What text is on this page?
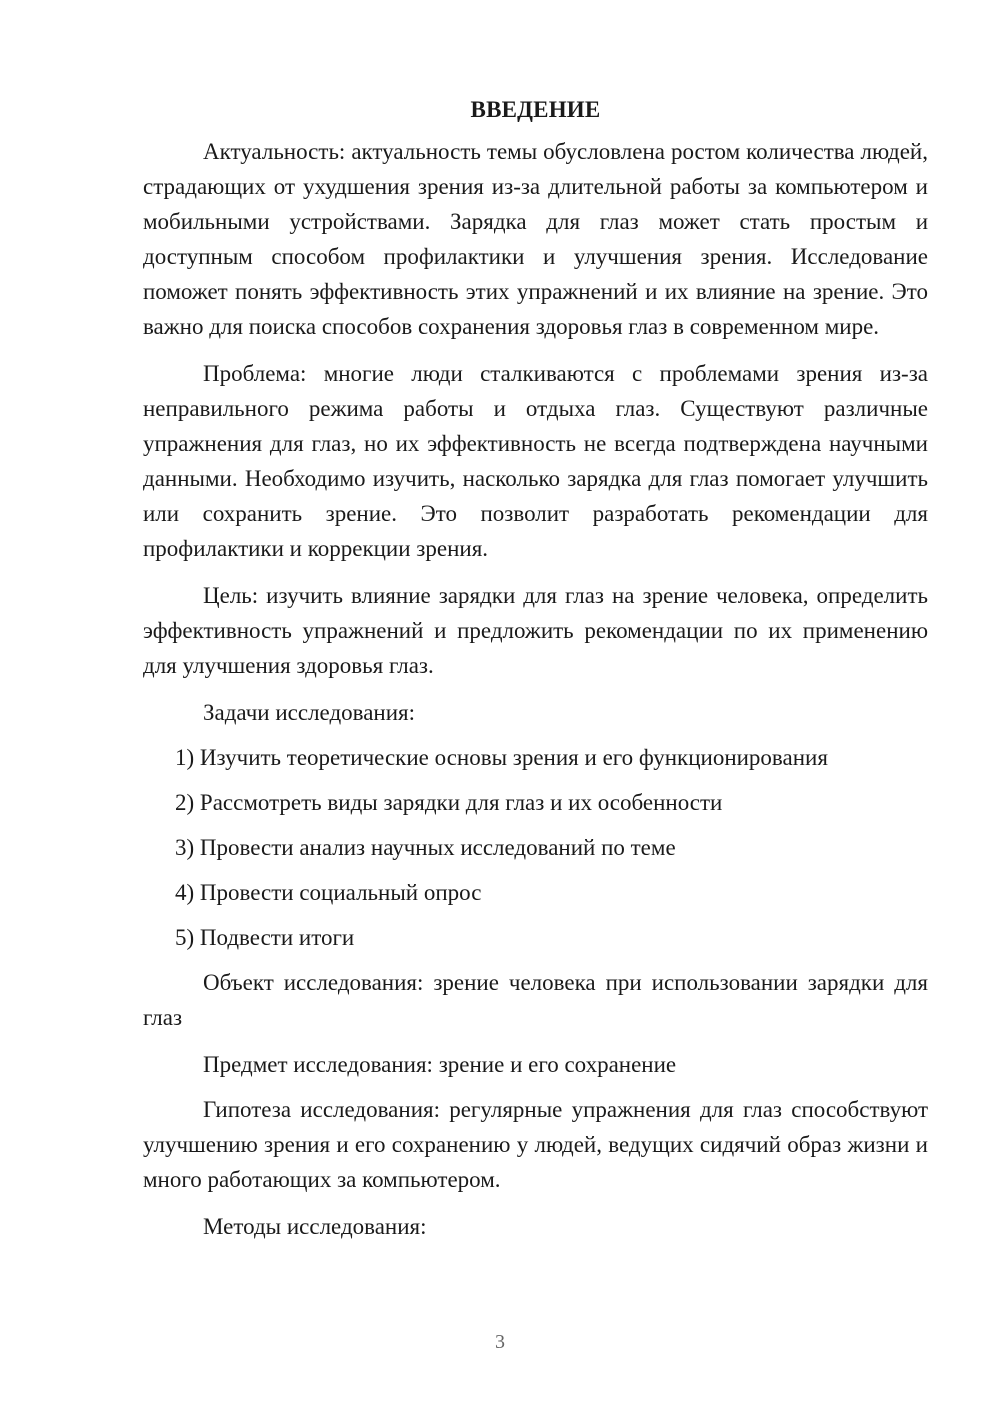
ВВЕДЕНИЕ

Актуальность: актуальность темы обусловлена ростом количества людей, страдающих от ухудшения зрения из-за длительной работы за компьютером и мобильными устройствами. Зарядка для глаз может стать простым и доступным способом профилактики и улучшения зрения. Исследование поможет понять эффективность этих упражнений и их влияние на зрение. Это важно для поиска способов сохранения здоровья глаз в современном мире.

Проблема: многие люди сталкиваются с проблемами зрения из-за неправильного режима работы и отдыха глаз. Существуют различные упражнения для глаз, но их эффективность не всегда подтверждена научными данными. Необходимо изучить, насколько зарядка для глаз помогает улучшить или сохранить зрение. Это позволит разработать рекомендации для профилактики и коррекции зрения.

Цель: изучить влияние зарядки для глаз на зрение человека, определить эффективность упражнений и предложить рекомендации по их применению для улучшения здоровья глаз.

Задачи исследования:
1) Изучить теоретические основы зрения и его функционирования
2) Рассмотреть виды зарядки для глаз и их особенности
3) Провести анализ научных исследований по теме
4) Провести социальный опрос
5) Подвести итоги

Объект исследования: зрение человека при использовании зарядки для глаз

Предмет исследования: зрение и его сохранение

Гипотеза исследования: регулярные упражнения для глаз способствуют улучшению зрения и его сохранению у людей, ведущих сидячий образ жизни и много работающих за компьютером.

Методы исследования:
3
